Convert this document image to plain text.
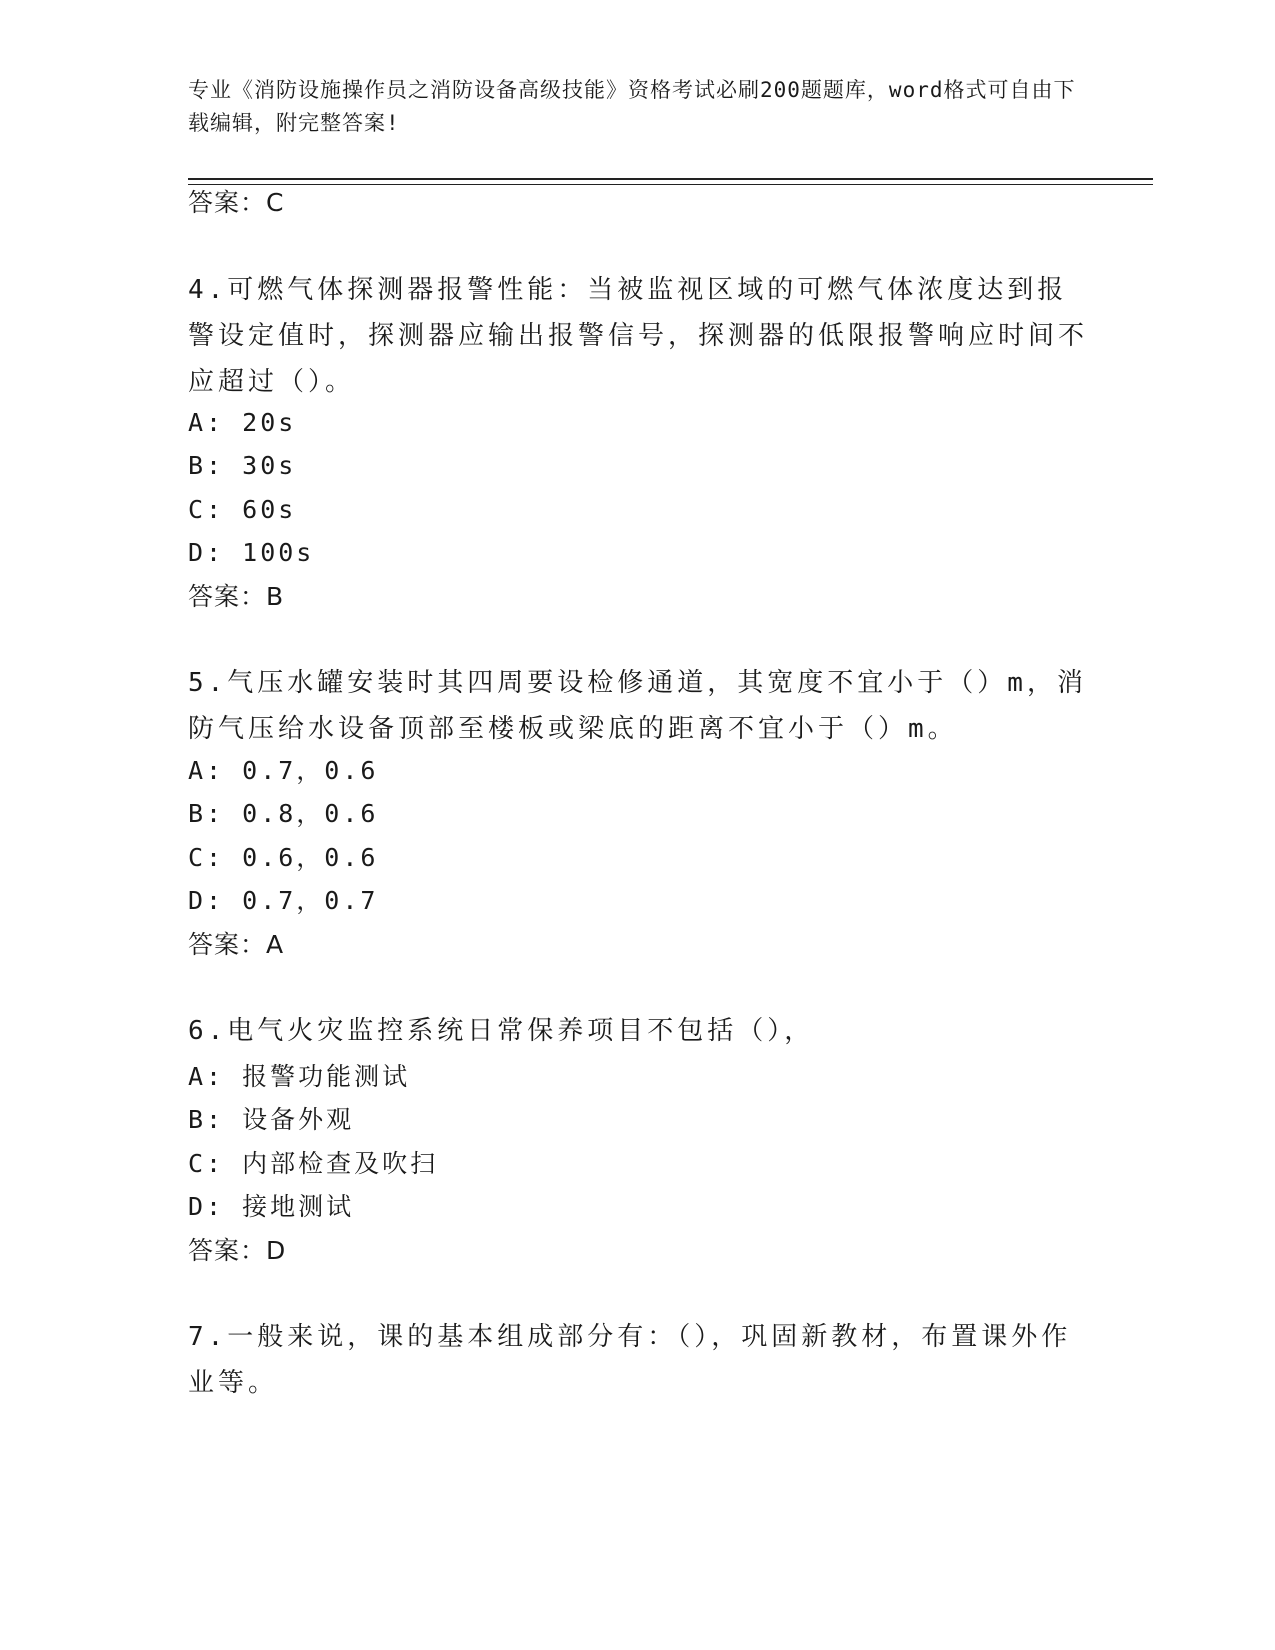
专业《消防设施操作员之消防设备高级技能》资格考试必刷200题题库，word格式可自由下载编辑，附完整答案!
答案：C
4.可燃气体探测器报警性能：当被监视区域的可燃气体浓度达到报警设定值时，探测器应输出报警信号，探测器的低限报警响应时间不应超过（）。
A: 20s
B: 30s
C: 60s
D: 100s
答案：B
5.气压水罐安装时其四周要设检修通道，其宽度不宜小于（）m，消防气压给水设备顶部至楼板或梁底的距离不宜小于（）m。
A: 0.7，0.6
B: 0.8，0.6
C: 0.6，0.6
D: 0.7，0.7
答案：A
6.电气火灾监控系统日常保养项目不包括（），
A: 报警功能测试
B: 设备外观
C: 内部检查及吹扫
D: 接地测试
答案：D
7.一般来说，课的基本组成部分有：（），巩固新教材，布置课外作业等。
